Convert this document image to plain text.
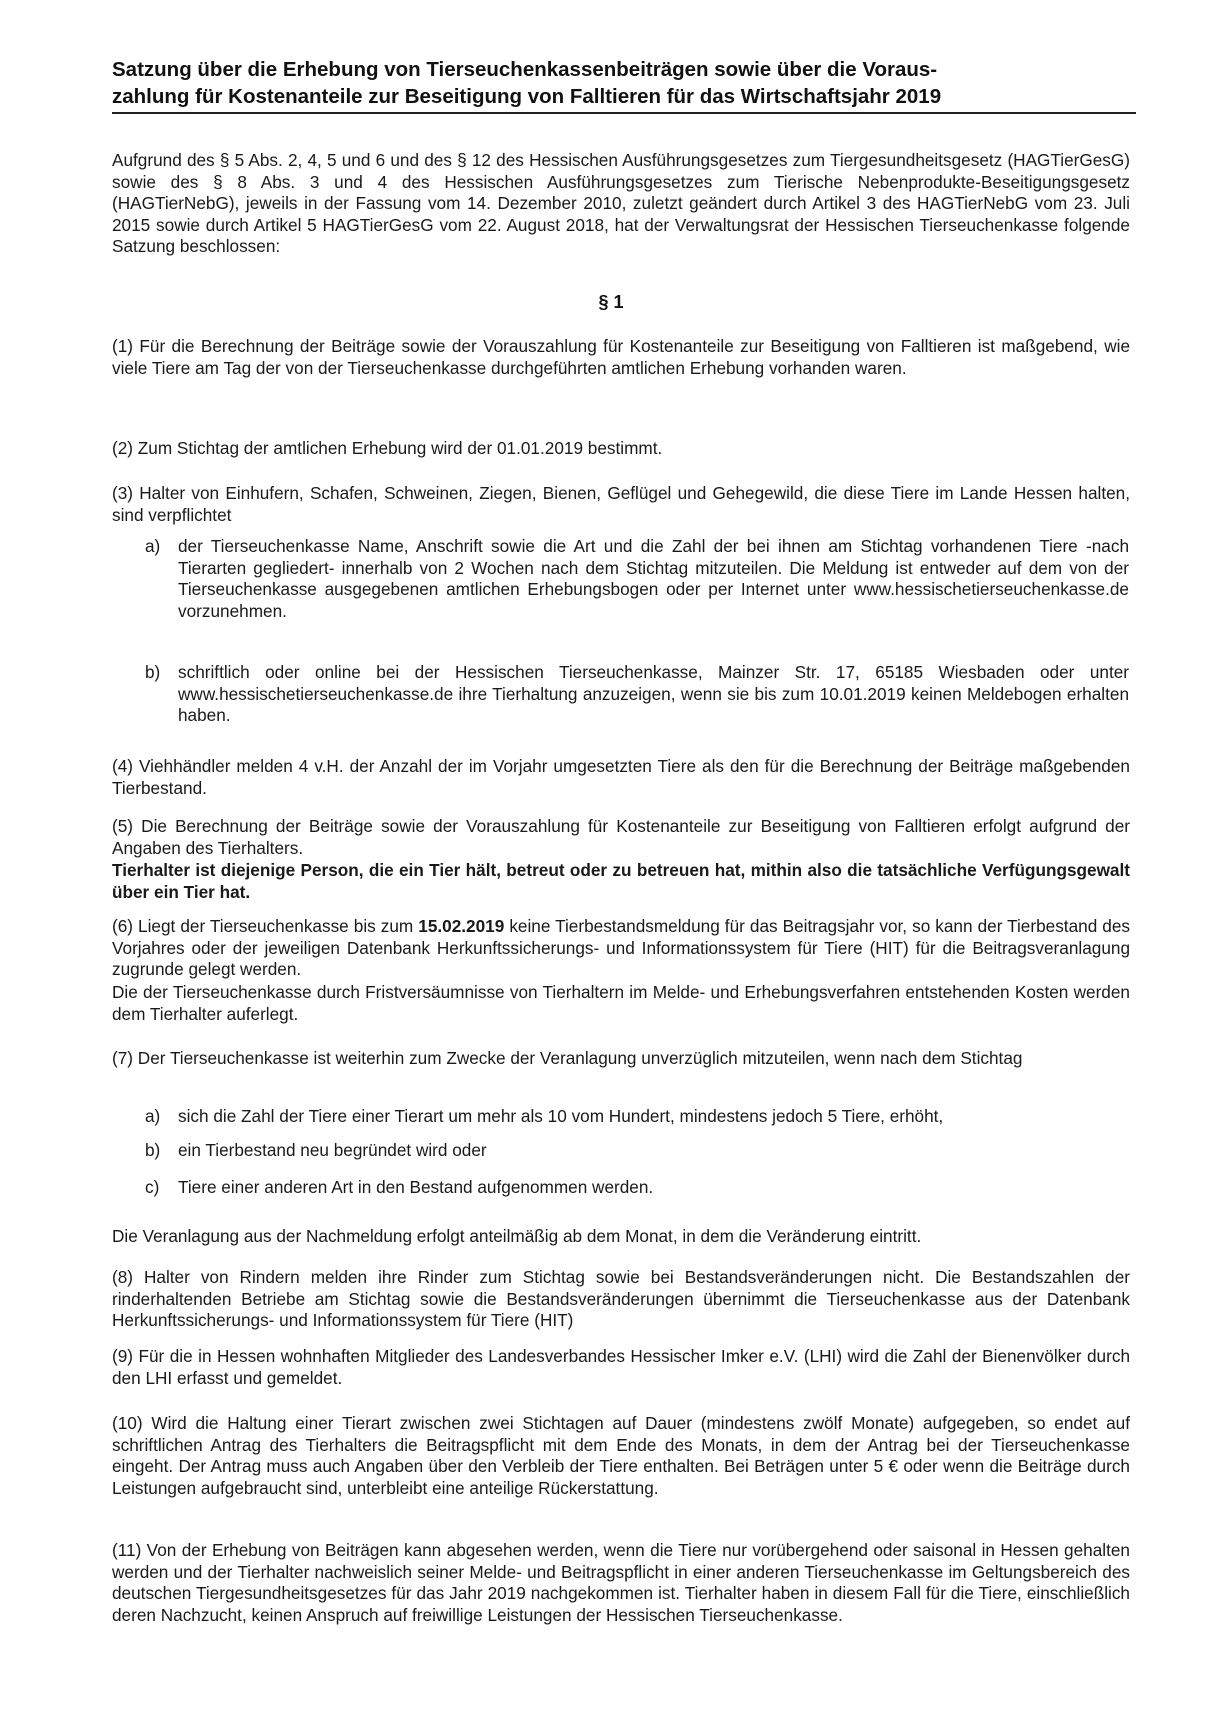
Satzung über die Erhebung von Tierseuchenkassenbeiträgen sowie über die Voraus-
zahlung für Kostenanteile zur Beseitigung von Falltieren für das Wirtschaftsjahr 2019
Aufgrund des § 5 Abs. 2, 4, 5 und 6 und des § 12 des Hessischen Ausführungsgesetzes zum Tiergesundheitsgesetz (HAGTierGesG) sowie des § 8 Abs. 3 und 4 des Hessischen Ausführungsgesetzes zum Tierische Nebenprodukte-Beseitigungsgesetz (HAGTierNebG), jeweils in der Fassung vom 14. Dezember 2010, zuletzt geändert durch Artikel 3 des HAGTierNebG vom 23. Juli 2015 sowie durch Artikel 5 HAGTierGesG vom 22. August 2018, hat der Verwaltungsrat der Hessischen Tierseuchenkasse folgende Satzung beschlossen:
§ 1
(1) Für die Berechnung der Beiträge sowie der Vorauszahlung für Kostenanteile zur Beseitigung von Falltieren ist maßgebend, wie viele Tiere am Tag der von der Tierseuchenkasse durchgeführten amtlichen Erhebung vorhanden waren.
(2) Zum Stichtag der amtlichen Erhebung wird der 01.01.2019 bestimmt.
(3) Halter von Einhufern, Schafen, Schweinen, Ziegen, Bienen, Geflügel und Gehegewild, die diese Tiere im Lande Hessen halten, sind verpflichtet
a)	der Tierseuchenkasse Name, Anschrift sowie die Art und die Zahl der bei ihnen am Stichtag vorhandenen Tiere -nach Tierarten gegliedert- innerhalb von 2 Wochen nach dem Stichtag mitzuteilen. Die Meldung ist entweder auf dem von der Tierseuchenkasse ausgegebenen amtlichen Erhebungsbogen oder per Internet unter www.hessischetierseuchenkasse.de vorzunehmen.
b)	schriftlich oder online bei der Hessischen Tierseuchenkasse, Mainzer Str. 17, 65185 Wiesbaden oder unter www.hessischetierseuchenkasse.de ihre Tierhaltung anzuzeigen, wenn sie bis zum 10.01.2019 keinen Meldebogen erhalten haben.
(4) Viehhändler melden 4 v.H. der Anzahl der im Vorjahr umgesetzten Tiere als den für die Berechnung der Beiträge maßgebenden Tierbestand.
(5) Die Berechnung der Beiträge sowie der Vorauszahlung für Kostenanteile zur Beseitigung von Falltieren erfolgt aufgrund der Angaben des Tierhalters.
Tierhalter ist diejenige Person, die ein Tier hält, betreut oder zu betreuen hat, mithin also die tatsächliche Verfügungsgewalt über ein Tier hat.
(6) Liegt der Tierseuchenkasse bis zum 15.02.2019 keine Tierbestandsmeldung für das Beitragsjahr vor, so kann der Tierbestand des Vorjahres oder der jeweiligen Datenbank Herkunftssicherungs- und Informationssystem für Tiere (HIT) für die Beitragsveranlagung zugrunde gelegt werden.
Die der Tierseuchenkasse durch Fristversäumnisse von Tierhaltern im Melde- und Erhebungsverfahren entstehenden Kosten werden dem Tierhalter auferlegt.
(7) Der Tierseuchenkasse ist weiterhin zum Zwecke der Veranlagung unverzüglich mitzuteilen, wenn nach dem Stichtag
a)	sich die Zahl der Tiere einer Tierart um mehr als 10 vom Hundert, mindestens jedoch 5 Tiere, erhöht,
b)	ein Tierbestand neu begründet wird oder
c)	Tiere einer anderen Art in den Bestand aufgenommen werden.
Die Veranlagung aus der Nachmeldung erfolgt anteilmäßig ab dem Monat, in dem die Veränderung eintritt.
(8) Halter von Rindern melden ihre Rinder zum Stichtag sowie bei Bestandsveränderungen nicht. Die Bestandszahlen der rinderhaltenden Betriebe am Stichtag sowie die Bestandsveränderungen übernimmt die Tierseuchenkasse aus der Datenbank Herkunftssicherungs- und Informationssystem für Tiere (HIT)
(9) Für die in Hessen wohnhaften Mitglieder des Landesverbandes Hessischer Imker e.V. (LHI) wird die Zahl der Bienenvölker durch den LHI erfasst und gemeldet.
(10) Wird die Haltung einer Tierart zwischen zwei Stichtagen auf Dauer (mindestens zwölf Monate) aufgegeben, so endet auf schriftlichen Antrag des Tierhalters die Beitragspflicht mit dem Ende des Monats, in dem der Antrag bei der Tierseuchenkasse eingeht. Der Antrag muss auch Angaben über den Verbleib der Tiere enthalten. Bei Beträgen unter 5 € oder wenn die Beiträge durch Leistungen aufgebraucht sind, unterbleibt eine anteilige Rückerstattung.
(11) Von der Erhebung von Beiträgen kann abgesehen werden, wenn die Tiere nur vorübergehend oder saisonal in Hessen gehalten werden und der Tierhalter nachweislich seiner Melde- und Beitragspflicht in einer anderen Tierseuchenkasse im Geltungsbereich des deutschen Tiergesundheitsgesetzes für das Jahr 2019 nachgekommen ist. Tierhalter haben in diesem Fall für die Tiere, einschließlich deren Nachzucht, keinen Anspruch auf freiwillige Leistungen der Hessischen Tierseuchenkasse.
